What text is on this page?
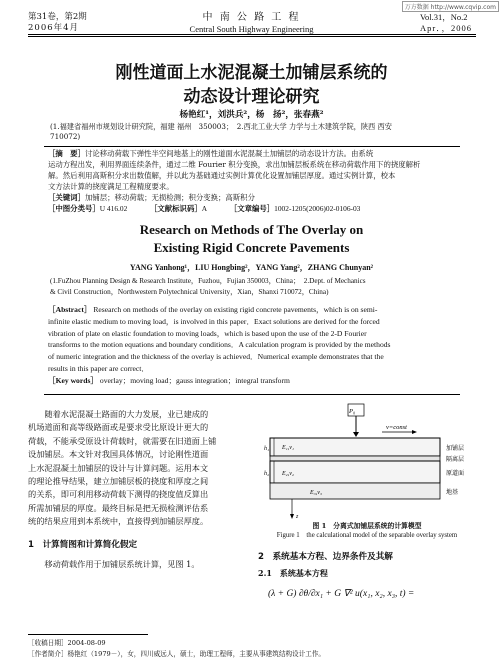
万方数据 http://www.cqvip.com
第31卷，第2期
2006年4月
中 南 公 路 工 程
Central South Highway Engineering
Vol.31，No.2
Apr．，2006
刚性道面上水泥混凝土加铺层系统的
动态设计理论研究
杨艳红¹，刘洪兵²，杨　扬²，张春燕²
(1.福建省福州市规划设计研究院，福建 福州　350003；　2.西北工业大学 力学与土木建筑学院，陕西 西安
710072)
［摘　要］讨论移动荷载下弹性半空间地基上的刚性道面水泥混凝土加铺层的动态设计方法。由系统
运动方程出发，利用界面连续条件，通过二维 Fourier 积分变换，求出加铺层板系统在移动荷载作用下的挠度解析
解。然后利用高斯积分求出数值解，并以此为基础通过实例计算优化设置加铺层厚度。通过实例计算，校本
文方法计算的挠度满足工程精度要求。
［关键词］加铺层；移动荷载；无损检测；积分变换；高斯积分
［中图分类号］U 416.02	［文献标识码］A	［文章编号］1002-1205(2006)02-0106-03
Research on Methods of The Overlay on
Existing Rigid Concrete Pavements
YANG Yanhong¹，LIU Hongbing²，YANG Yang²，ZHANG Chunyan²
(1.FuZhou Planning Design & Research Institute，Fuzhou，Fujian 350003，China；　2.Dept. of Mechanics
& Civil Construction，Northwestern Polytechnical University，Xian，Shanxi 710072，China)
［Abstract］ Research on methods of the overlay on existing rigid concrete pavements，which is on semi-
infinite elastic medium to moving load，is involved in this paper．Exact solutions are derived for the forced
vibration of plate on elastic foundation to moving loads，which is based upon the use of the 2-D Fourier
transforms to the motion equations and boundary conditions．A calculation program is provided by the methods
of numeric integration and the thickness of the overlay is achieved．Numerical example demonstrates that the
results in this paper are correct．
［Key words］ overlay；moving load；gauss integration；integral transform
　　随着水泥混凝土路面的大力发展，业已建成的
机场道面和高等级路面或是要求受比原设计更大的
荷载，不能承受原设计荷载时，就需要在旧道面上铺
设加铺层。本文针对我国具体情况，讨论刚性道面
上水泥混凝土加铺层的设计与计算问题。运用本文
的理论推导结果，建立加铺层板的挠度和厚度之间
的关系，即可利用移动荷载下测得的挠度值反算出
所需加铺层的厚度。最终目标是把无损检测评估系
统的结果应用到本系统中，直接得到加铺层厚度。
1　计算简图和计算简化假定
　　移动荷载作用于加铺层系统计算，见图 1。
P₀
v=const
h₁
h₂
E₁,ν₁
E₂,ν₂
E₃,ν₃
加铺层
隔离层
原道面
地基
z
图 1　分离式加铺层系统的计算模型
Figure 1　the calculational model of the separable overlay system
2　系统基本方程、边界条件及其解
2.1　系统基本方程
(λ + G) ∂θ/∂x₁ + G ∇² u(x₁, x₂, x₃, t) =
［收稿日期］2004-08-09
［作者简介］杨艳红（1979－），女，四川威远人，硕士，助理工程师，主要从事建筑结构设计工作。
